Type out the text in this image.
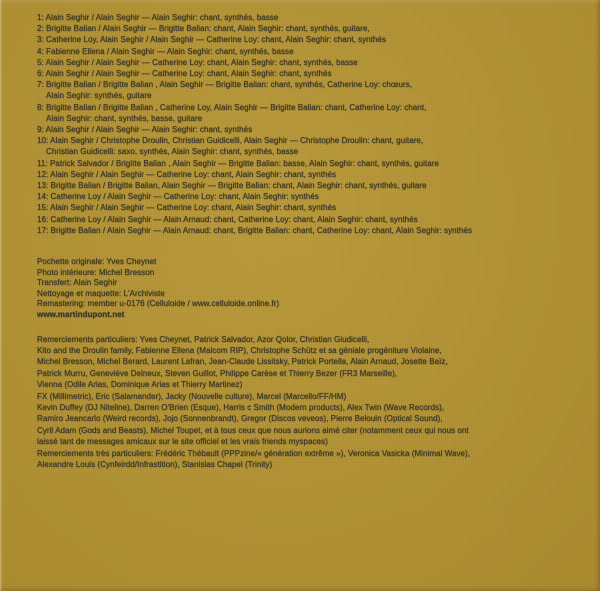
1: Alain Seghir / Alain Seghir — Alain Seghir: chant, synthés, basse
2: Brigitte Balian / Alain Seghir — Brigitte Balian: chant, Alain Seghir: chant, synthés, guitare,
3: Catherine Loy, Alain Seghir / Alain Seghir — Catherine Loy: chant, Alain Seghir: chant, synthés
4: Fabienne Ellena / Alain Seghir — Alain Seghir: chant, synthés, basse
5: Alain Seghir / Alain Seghir — Catherine Loy: chant, Alain Seghir: chant, synthés, basse
6: Alain Seghir / Alain Seghir — Catherine Loy: chant, Alain Seghir: chant, synthés
7: Brigitte Balian / Brigitte Balian , Alain Seghir — Brigitte Balian: chant, synthés, Catherine Loy: chœurs,
Alain Seghir: synthés, guitare
8: Brigitte Balian / Brigitte Balian , Catherine Loy, Alain Seghir — Brigitte Balian: chant, Catherine Loy: chant,
Alain Seghir: chant, synthés, basse, guitare
9: Alain Seghir / Alain Seghir — Alain Seghir: chant, synthés
10: Alain Seghir / Christophe Droulin, Christian Guidicelli, Alain Seghir — Christophe Droulin: chant, guitare,
Christian Guidicelli: saxo, synthés, Alain Seghir: chant, synthés, basse
11: Patrick Salvador / Brigitte Balian , Alain Seghir — Brigitte Balian: basse, Alain Seghir: chant, synthés, guitare
12: Alain Seghir / Alain Seghir — Catherine Loy: chant, Alain Seghir: chant, synthés
13: Brigitte Balian / Brigitte Balian, Alain Seghir — Brigitte Balian: chant, Alain Seghir: chant, synthés, guitare
14: Catherine Loy / Alain Seghir — Catherine Loy: chant, Alain Seghir: synthés
15: Alain Seghir / Alain Seghir — Catherine Loy: chant, Alain Seghir: chant, synthés
16: Catherine Loy / Alain Seghir — Alain Arnaud: chant, Catherine Loy: chant, Alain Seghir: chant, synthés
17: Brigitte Balian / Alain Seghir — Alain Arnaud: chant, Brigitte Balian: chant, Catherine Loy: chant, Alain Seghir: synthés
Pochette originale: Yves Cheynet
Photo intérieure: Michel Bresson
Transfert: Alain Seghir
Nettoyage et maquette: L'Archiviste
Remastering: member u-0176 (Celluloide / www.celluloide.online.fr)
www.martindupont.net
Remerciements particuliers: Yves Cheynet, Patrick Salvador, Azor Qolor, Christian Giudicelli,
Kito and the Droulin family, Fabienne Ellena (Malcom RIP), Christophe Schütz et sa géniale progéniture Violaine,
Michel Bresson, Michel Berard, Laurent Lafran, Jean-Claude Lissitsky, Patrick Portella, Alain Arnaud, Josette Baïz,
Patrick Murru, Geneviève Delneux, Steven Guillot, Philippe Carèse et Thierry Bezer (FR3 Marseille),
Vienna (Odile Arias, Dominique Arias et Thierry Martinez)
FX (Millimetric), Eric (Salamander), Jacky (Nouvelle culture), Marcel (Marcello/FF/HM)
Kevin Duffey (DJ Niteline), Darren O'Brien (Esque), Harris c Smith (Modern products), Alex Twin (Wave Records),
Ramiro Jeancarlo (Weird records), Jojo (Sonnenbrandt), Gregor (Discos veveos), Pierre Belouin (Optical Sound),
Cyril Adam (Gods and Beasts), Michel Toupet, et à tous ceux que nous aurions aimé citer (notamment ceux qui nous ont
laissé tant de messages amicaux sur le site officiel et les vrais friends myspaces)
Remerciements très particuliers: Frédéric Thébault (PPPzine/« génération extrême »), Veronica Vasicka (Minimal Wave),
Alexandre Louis (Cynfeirdd/Infrastition), Stanislas Chapel (Trinity)
